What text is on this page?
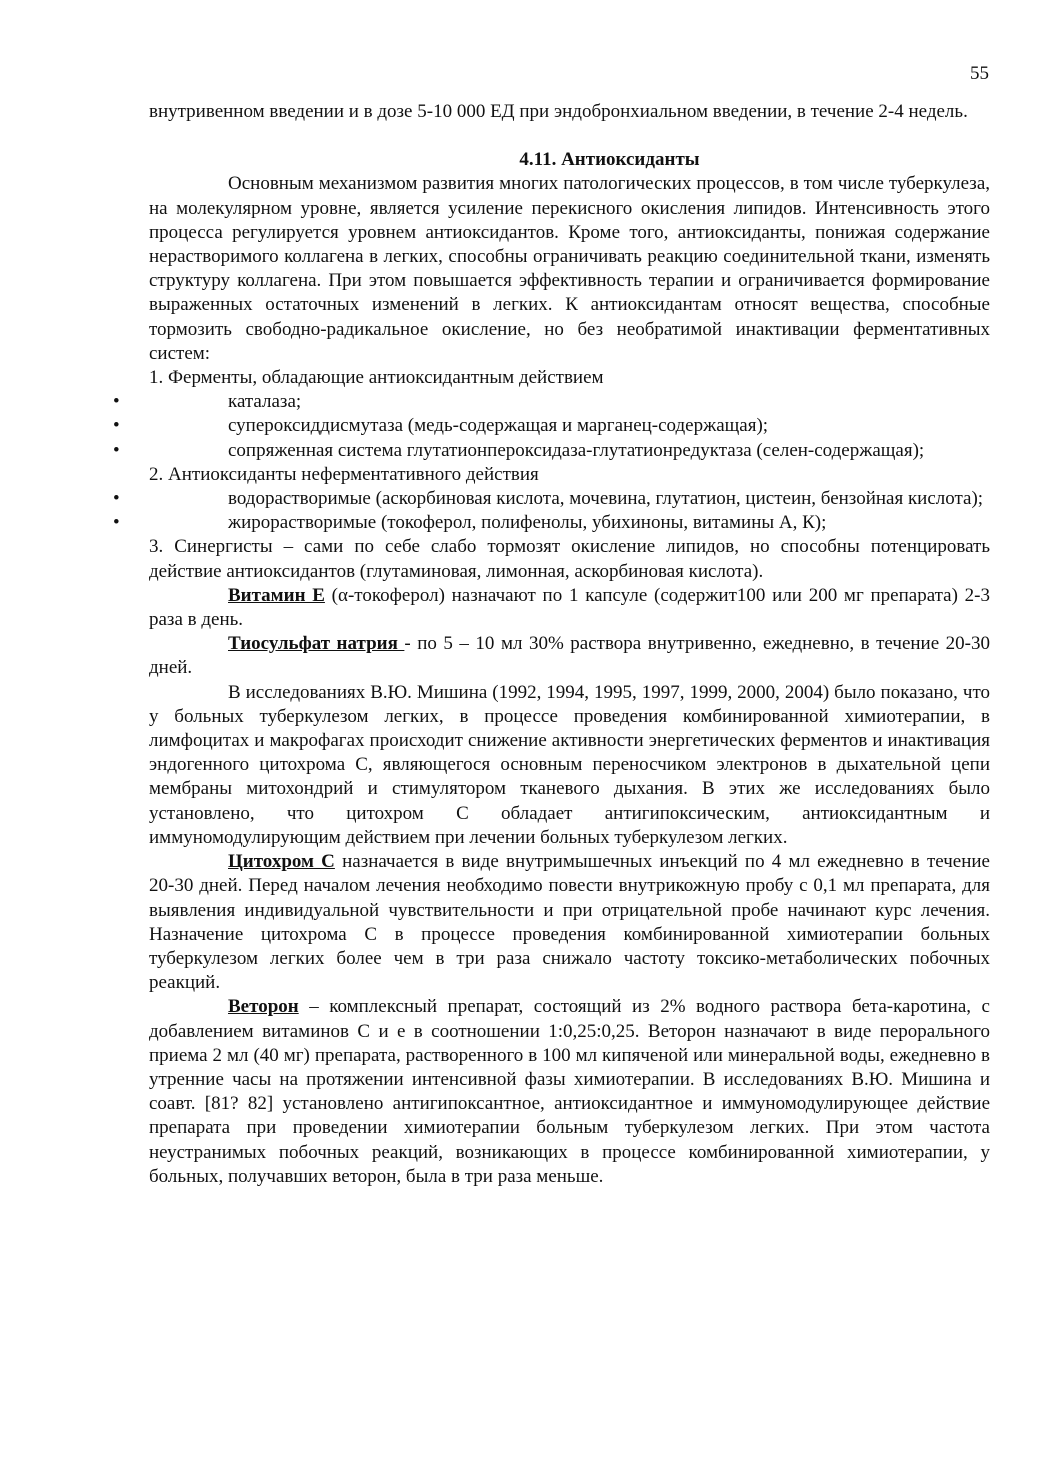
55

внутривенном введении и в дозе 5-10 000 ЕД при эндобронхиальном введении, в течение 2-4 недель.

4.11. Антиоксиданты

Основным механизмом развития многих патологических процессов, в том числе туберкулеза, на молекулярном уровне, является усиление перекисного окисления липидов. Интенсивность этого процесса регулируется уровнем антиоксидантов. Кроме того, антиоксиданты, понижая содержание нерастворимого коллагена в легких, способны ограничивать реакцию соединительной ткани, изменять структуру коллагена. При этом повышается эффективность терапии и ограничивается формирование выраженных остаточных изменений в легких. К антиоксидантам относят вещества, способные тормозить свободно-радикальное окисление, но без необратимой инактивации ферментативных систем:

1. Ферменты, обладающие антиоксидантным действием

•	каталаза;

•	супероксиддисмутаза (медь-содержащая и марганец-содержащая);

•	сопряженная система глутатионпероксидаза-глутатионредуктаза (селен-содержащая);

2. Антиоксиданты неферментативного действия

•	водорастворимые (аскорбиновая кислота, мочевина, глутатион, цистеин, бензойная кислота);

•	жирорастворимые (токоферол, полифенолы, убихиноны, витамины А, К);

3. Синергисты – сами по себе слабо тормозят окисление липидов, но способны потенцировать действие антиоксидантов (глутаминовая, лимонная, аскорбиновая кислота).

Витамин Е (α-токоферол) назначают по 1 капсуле (содержит100 или 200 мг препарата) 2-3 раза в день.

Тиосульфат натрия - по 5 – 10 мл 30% раствора внутривенно, ежедневно, в течение 20-30 дней.

В исследованиях В.Ю. Мишина (1992, 1994, 1995, 1997, 1999, 2000, 2004) было показано, что у больных туберкулезом легких, в процессе проведения комбинированной химиотерапии, в лимфоцитах и макрофагах происходит снижение активности энергетических ферментов и инактивация эндогенного цитохрома С, являющегося основным переносчиком электронов в дыхательной цепи мембраны митохондрий и стимулятором тканевого дыхания. В этих же исследованиях было установлено, что цитохром С обладает антигипоксическим, антиоксидантным и иммуномодулирующим действием при лечении больных туберкулезом легких.

Цитохром С назначается в виде внутримышечных инъекций по 4 мл ежедневно в течение 20-30 дней. Перед началом лечения необходимо повести внутрикожную пробу с 0,1 мл препарата, для выявления индивидуальной чувствительности и при отрицательной пробе начинают курс лечения. Назначение цитохрома С в процессе проведения комбинированной химиотерапии больных туберкулезом легких более чем в три раза снижало частоту токсико-метаболических побочных реакций.

Веторон – комплексный препарат, состоящий из 2% водного раствора бета-каротина, с добавлением витаминов С и е в соотношении 1:0,25:0,25. Веторон назначают в виде перорального приема 2 мл (40 мг) препарата, растворенного в 100 мл кипяченой или минеральной воды, ежедневно в утренние часы на протяжении интенсивной фазы химиотерапии. В исследованиях В.Ю. Мишина и соавт. [81? 82] установлено антигипоксантное, антиоксидантное и иммуномодулирующее действие препарата при проведении химиотерапии больным туберкулезом легких. При этом частота неустранимых побочных реакций, возникающих в процессе комбинированной химиотерапии, у больных, получавших веторон, была в три раза меньше.
